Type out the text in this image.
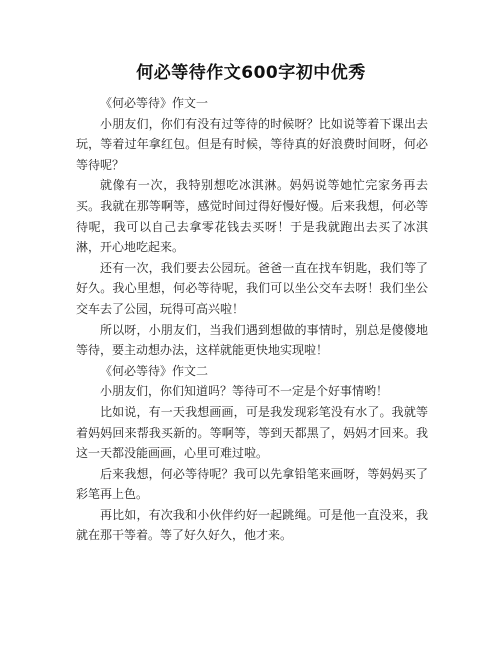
何必等待作文600字初中优秀

《何必等待》作文一

小朋友们，你们有没有过等待的时候呀？比如说等着下课出去玩，等着过年拿红包。但是有时候，等待真的好浪费时间呀，何必等待呢？

就像有一次，我特别想吃冰淇淋。妈妈说等她忙完家务再去买。我就在那等啊等，感觉时间过得好慢好慢。后来我想，何必等待呢，我可以自己去拿零花钱去买呀！于是我就跑出去买了冰淇淋，开心地吃起来。

还有一次，我们要去公园玩。爸爸一直在找车钥匙，我们等了好久。我心里想，何必等待呢，我们可以坐公交车去呀！我们坐公交车去了公园，玩得可高兴啦！

所以呀，小朋友们，当我们遇到想做的事情时，别总是傻傻地等待，要主动想办法，这样就能更快地实现啦！

《何必等待》作文二

小朋友们，你们知道吗？等待可不一定是个好事情哟！

比如说，有一天我想画画，可是我发现彩笔没有水了。我就等着妈妈回来帮我买新的。等啊等，等到天都黑了，妈妈才回来。我这一天都没能画画，心里可难过啦。

后来我想，何必等待呢？我可以先拿铅笔来画呀，等妈妈买了彩笔再上色。

再比如，有次我和小伙伴约好一起跳绳。可是他一直没来，我就在那干等着。等了好久好久，他才来。
